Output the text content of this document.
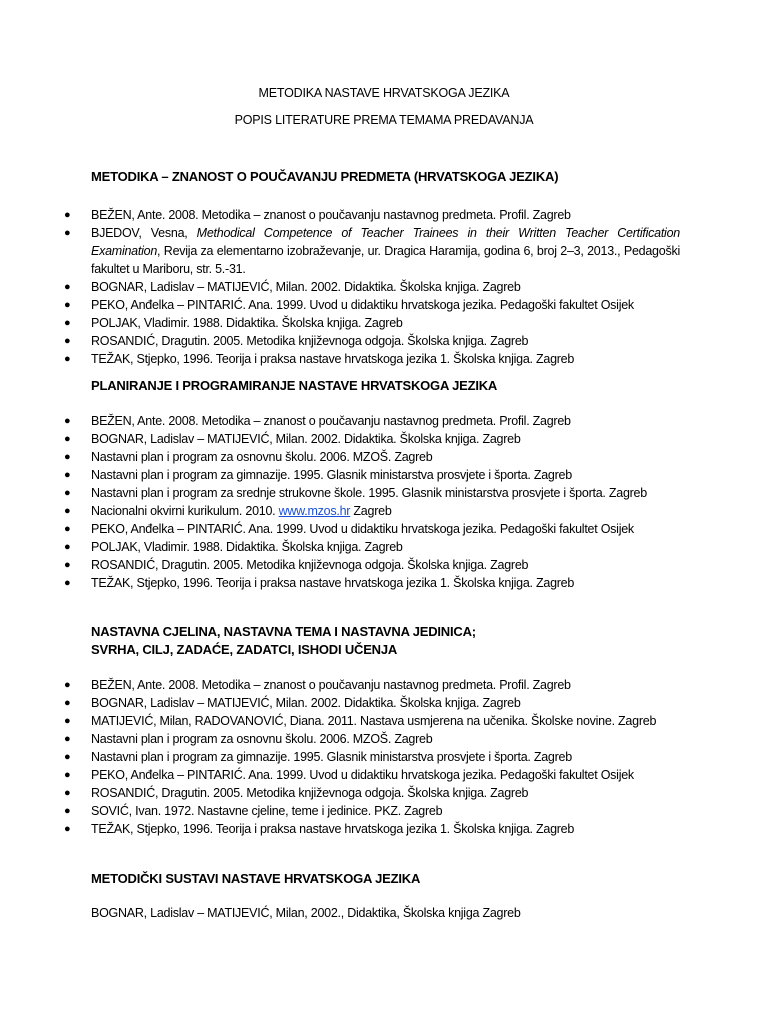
METODIKA NASTAVE HRVATSKOGA JEZIKA
POPIS LITERATURE PREMA TEMAMA PREDAVANJA
METODIKA – ZNANOST O POUČAVANJU PREDMETA (HRVATSKOGA JEZIKA)
● BEŽEN, Ante. 2008. Metodika – znanost o poučavanju nastavnog predmeta. Profil. Zagreb
● BJEDOV, Vesna, Methodical Competence of Teacher Trainees in their Written Teacher Certification Examination, Revija za elementarno izobraževanje, ur. Dragica Haramija, godina 6, broj 2–3, 2013., Pedagoški fakultet u Mariboru, str. 5.-31.
● BOGNAR, Ladislav – MATIJEVIĆ, Milan. 2002. Didaktika. Školska knjiga. Zagreb
● PEKO, Anđelka – PINTARIĆ. Ana. 1999. Uvod u didaktiku hrvatskoga jezika. Pedagoški fakultet Osijek
● POLJAK, Vladimir. 1988. Didaktika. Školska knjiga. Zagreb
● ROSANDIĆ, Dragutin. 2005. Metodika književnoga odgoja. Školska knjiga. Zagreb
● TEŽAK, Stjepko, 1996. Teorija i praksa nastave hrvatskoga jezika 1. Školska knjiga. Zagreb
PLANIRANJE I PROGRAMIRANJE NASTAVE HRVATSKOGA JEZIKA
● BEŽEN, Ante. 2008. Metodika – znanost o poučavanju nastavnog predmeta. Profil. Zagreb
● BOGNAR, Ladislav – MATIJEVIĆ, Milan. 2002. Didaktika. Školska knjiga. Zagreb
● Nastavni plan i program za osnovnu školu. 2006. MZOŠ. Zagreb
● Nastavni plan i program za gimnazije. 1995. Glasnik ministarstva prosvjete i športa. Zagreb
● Nastavni plan i program za srednje strukovne škole. 1995. Glasnik ministarstva prosvjete i športa. Zagreb
● Nacionalni okvirni kurikulum. 2010. www.mzos.hr Zagreb
● PEKO, Anđelka – PINTARIĆ. Ana. 1999. Uvod u didaktiku hrvatskoga jezika. Pedagoški fakultet Osijek
● POLJAK, Vladimir. 1988. Didaktika. Školska knjiga. Zagreb
● ROSANDIĆ, Dragutin. 2005. Metodika književnoga odgoja. Školska knjiga. Zagreb
● TEŽAK, Stjepko, 1996. Teorija i praksa nastave hrvatskoga jezika 1. Školska knjiga. Zagreb
NASTAVNA CJELINA, NASTAVNA TEMA I NASTAVNA JEDINICA;
SVRHA, CILJ, ZADAĆE, ZADATCI, ISHODI UČENJA
● BEŽEN, Ante. 2008. Metodika – znanost o poučavanju nastavnog predmeta. Profil. Zagreb
● BOGNAR, Ladislav – MATIJEVIĆ, Milan. 2002. Didaktika. Školska knjiga. Zagreb
● MATIJEVIĆ, Milan, RADOVANOVIĆ, Diana. 2011. Nastava usmjerena na učenika. Školske novine. Zagreb
● Nastavni plan i program za osnovnu školu. 2006. MZOŠ. Zagreb
● Nastavni plan i program za gimnazije. 1995. Glasnik ministarstva prosvjete i športa. Zagreb
● PEKO, Anđelka – PINTARIĆ. Ana. 1999. Uvod u didaktiku hrvatskoga jezika. Pedagoški fakultet Osijek
● ROSANDIĆ, Dragutin. 2005. Metodika književnoga odgoja. Školska knjiga. Zagreb
● SOVIĆ, Ivan. 1972. Nastavne cjeline, teme i jedinice. PKZ. Zagreb
● TEŽAK, Stjepko, 1996. Teorija i praksa nastave hrvatskoga jezika 1. Školska knjiga. Zagreb
METODIČKI SUSTAVI NASTAVE HRVATSKOGA JEZIKA
BOGNAR, Ladislav – MATIJEVIĆ, Milan, 2002., Didaktika, Školska knjiga Zagreb
